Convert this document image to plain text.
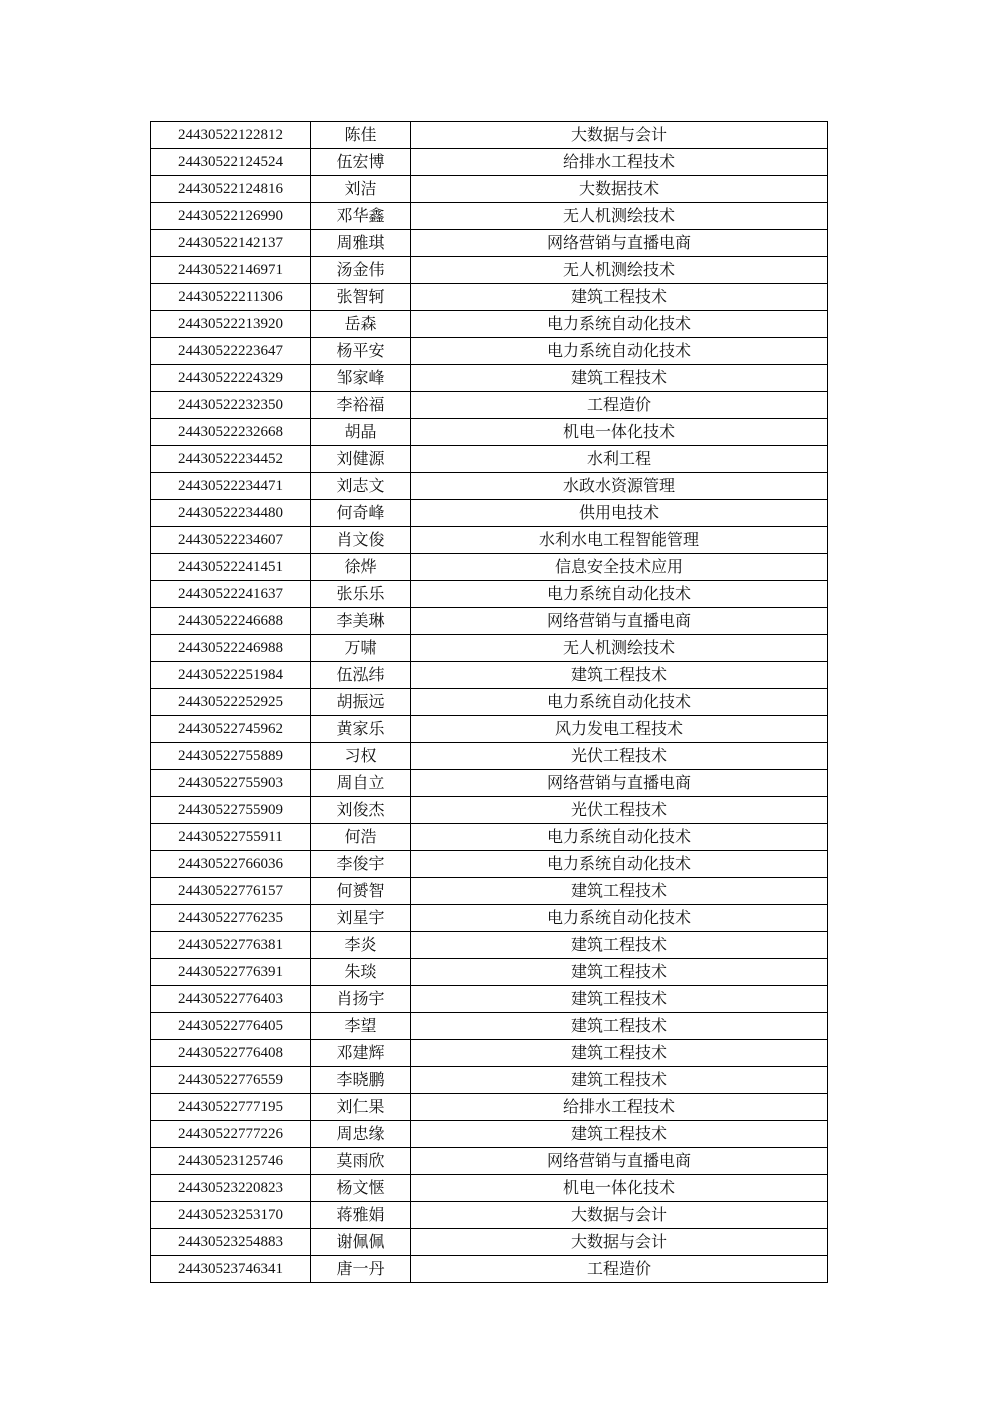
24430522122812	陈佳	大数据与会计
24430522124524	伍宏博	给排水工程技术
24430522124816	刘洁	大数据技术
24430522126990	邓华鑫	无人机测绘技术
24430522142137	周雅琪	网络营销与直播电商
24430522146971	汤金伟	无人机测绘技术
24430522211306	张智轲	建筑工程技术
24430522213920	岳森	电力系统自动化技术
24430522223647	杨平安	电力系统自动化技术
24430522224329	邹家峰	建筑工程技术
24430522232350	李裕福	工程造价
24430522232668	胡晶	机电一体化技术
24430522234452	刘健源	水利工程
24430522234471	刘志文	水政水资源管理
24430522234480	何奇峰	供用电技术
24430522234607	肖文俊	水利水电工程智能管理
24430522241451	徐烨	信息安全技术应用
24430522241637	张乐乐	电力系统自动化技术
24430522246688	李美琳	网络营销与直播电商
24430522246988	万啸	无人机测绘技术
24430522251984	伍泓纬	建筑工程技术
24430522252925	胡振远	电力系统自动化技术
24430522745962	黄家乐	风力发电工程技术
24430522755889	习权	光伏工程技术
24430522755903	周自立	网络营销与直播电商
24430522755909	刘俊杰	光伏工程技术
24430522755911	何浩	电力系统自动化技术
24430522766036	李俊宇	电力系统自动化技术
24430522776157	何赟智	建筑工程技术
24430522776235	刘星宇	电力系统自动化技术
24430522776381	李炎	建筑工程技术
24430522776391	朱琰	建筑工程技术
24430522776403	肖扬宇	建筑工程技术
24430522776405	李望	建筑工程技术
24430522776408	邓建辉	建筑工程技术
24430522776559	李晓鹏	建筑工程技术
24430522777195	刘仁果	给排水工程技术
24430522777226	周忠缘	建筑工程技术
24430523125746	莫雨欣	网络营销与直播电商
24430523220823	杨文惬	机电一体化技术
24430523253170	蒋雅娟	大数据与会计
24430523254883	谢佩佩	大数据与会计
24430523746341	唐一丹	工程造价
